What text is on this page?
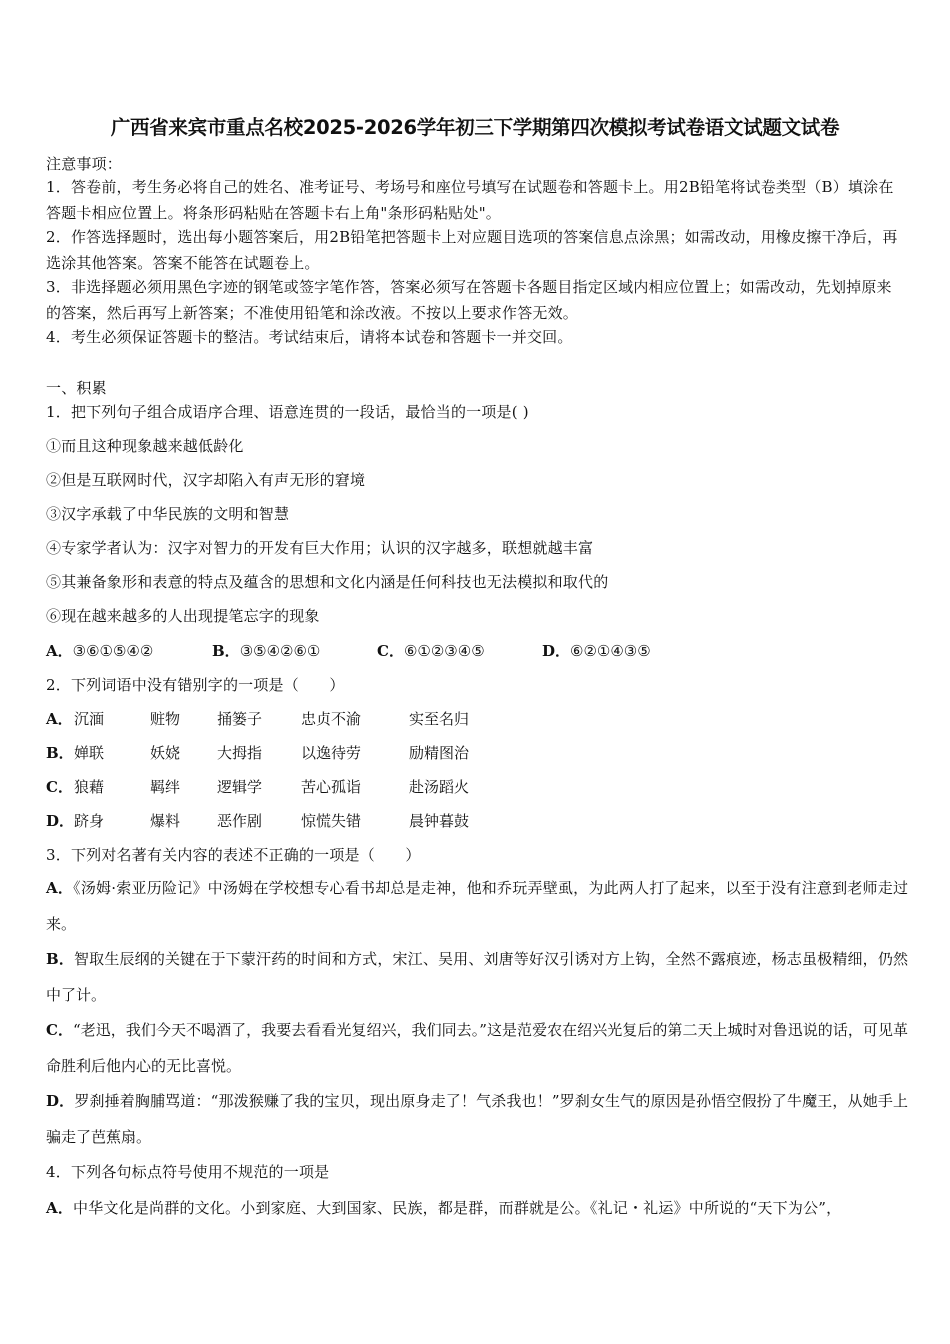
广西省来宾市重点名校2025-2026学年初三下学期第四次模拟考试卷语文试题文试卷
注意事项：
1．答卷前，考生务必将自己的姓名、准考证号、考场号和座位号填写在试题卷和答题卡上。用2B铅笔将试卷类型（B）填涂在答题卡相应位置上。将条形码粘贴在答题卡右上角"条形码粘贴处"。
2．作答选择题时，选出每小题答案后，用2B铅笔把答题卡上对应题目选项的答案信息点涂黑；如需改动，用橡皮擦干净后，再选涂其他答案。答案不能答在试题卷上。
3．非选择题必须用黑色字迹的钢笔或签字笔作答，答案必须写在答题卡各题目指定区域内相应位置上；如需改动，先划掉原来的答案，然后再写上新答案；不准使用铅笔和涂改液。不按以上要求作答无效。
4．考生必须保证答题卡的整洁。考试结束后，请将本试卷和答题卡一并交回。
一、积累
1．把下列句子组合成语序合理、语意连贯的一段话，最恰当的一项是( )
①而且这种现象越来越低龄化
②但是互联网时代，汉字却陷入有声无形的窘境
③汉字承载了中华民族的文明和智慧
④专家学者认为：汉字对智力的开发有巨大作用；认识的汉字越多，联想就越丰富
⑤其兼备象形和表意的特点及蕴含的思想和文化内涵是任何科技也无法模拟和取代的
⑥现在越来越多的人出现提笔忘字的现象
A．③⑥①⑤④②	B．③⑤④②⑥①	C．⑥①②③④⑤	D．⑥②①④③⑤
2．下列词语中没有错别字的一项是（　　）
A． 沉湎	赃物 捅篓子	忠贞不渝	实至名归
B． 婵联	妖娆 大拇指	以逸待劳	励精图治
C． 狼藉	羁绊 逻辑学	苦心孤诣	赴汤蹈火
D． 跻身	爆料 恶作剧	惊慌失错	晨钟暮鼓
3．下列对名著有关内容的表述不正确的一项是（　　）
A．《汤姆·索亚历险记》中汤姆在学校想专心看书却总是走神，他和乔玩弄壁虱，为此两人打了起来，以至于没有注意到老师走过来。
B．智取生辰纲的关键在于下蒙汗药的时间和方式，宋江、吴用、刘唐等好汉引诱对方上钩，全然不露痕迹，杨志虽极精细，仍然中了计。
C．“老迅，我们今天不喝酒了，我要去看看光复绍兴，我们同去。”这是范爱农在绍兴光复后的第二天上城时对鲁迅说的话，可见革命胜利后他内心的无比喜悦。
D．罗刹捶着胸脯骂道：“那泼猴赚了我的宝贝，现出原身走了！气杀我也！”罗刹女生气的原因是孙悟空假扮了牛魔王，从她手上骗走了芭蕉扇。
4．下列各句标点符号使用不规范的一项是
A．中华文化是尚群的文化。小到家庭、大到国家、民族，都是群，而群就是公。《礼记・礼运》中所说的“天下为公”，
